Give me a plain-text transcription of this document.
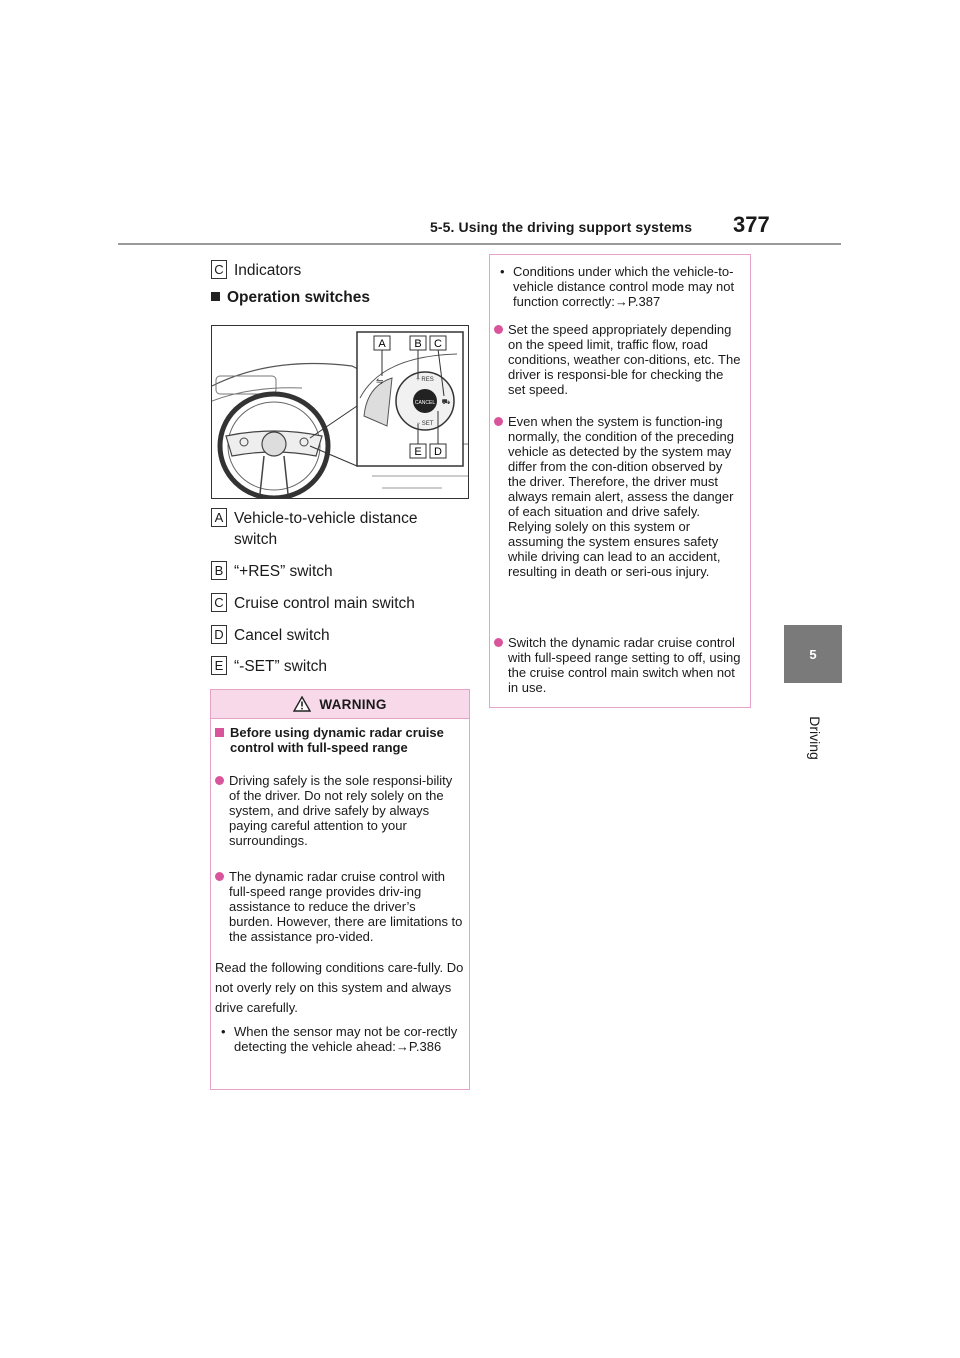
5-5. Using the driving support systems 377
5
Driving
C Indicators
Operation switches
CANCEL
+ RES
− SET
⛟
⇋
A	B C
E D
A Vehicle-to-vehicle distance switch
B “+RES” switch
C Cruise control main switch
D Cancel switch
E “-SET” switch
WARNING
Before using dynamic radar cruise control with full-speed range
Driving safely is the sole responsi-bility of the driver. Do not rely solely on the system, and drive safely by always paying careful attention to your surroundings.
The dynamic radar cruise control with full-speed range provides driv-ing assistance to reduce the driver’s burden. However, there are limitations to the assistance pro-vided.
Read the following conditions care-fully. Do not overly rely on this system and always drive carefully.
• When the sensor may not be cor-rectly detecting the vehicle ahead:→P.386
• Conditions under which the vehicle-to-vehicle distance control mode may not function correctly:→P.387
Set the speed appropriately depending on the speed limit, traffic flow, road conditions, weather con-ditions, etc. The driver is responsi-ble for checking the set speed.
Even when the system is function-ing normally, the condition of the preceding vehicle as detected by the system may differ from the con-dition observed by the driver. Therefore, the driver must always remain alert, assess the danger of each situation and drive safely. Relying solely on this system or assuming the system ensures safety while driving can lead to an accident, resulting in death or seri-ous injury.
Switch the dynamic radar cruise control with full-speed range setting to off, using the cruise control main switch when not in use.
